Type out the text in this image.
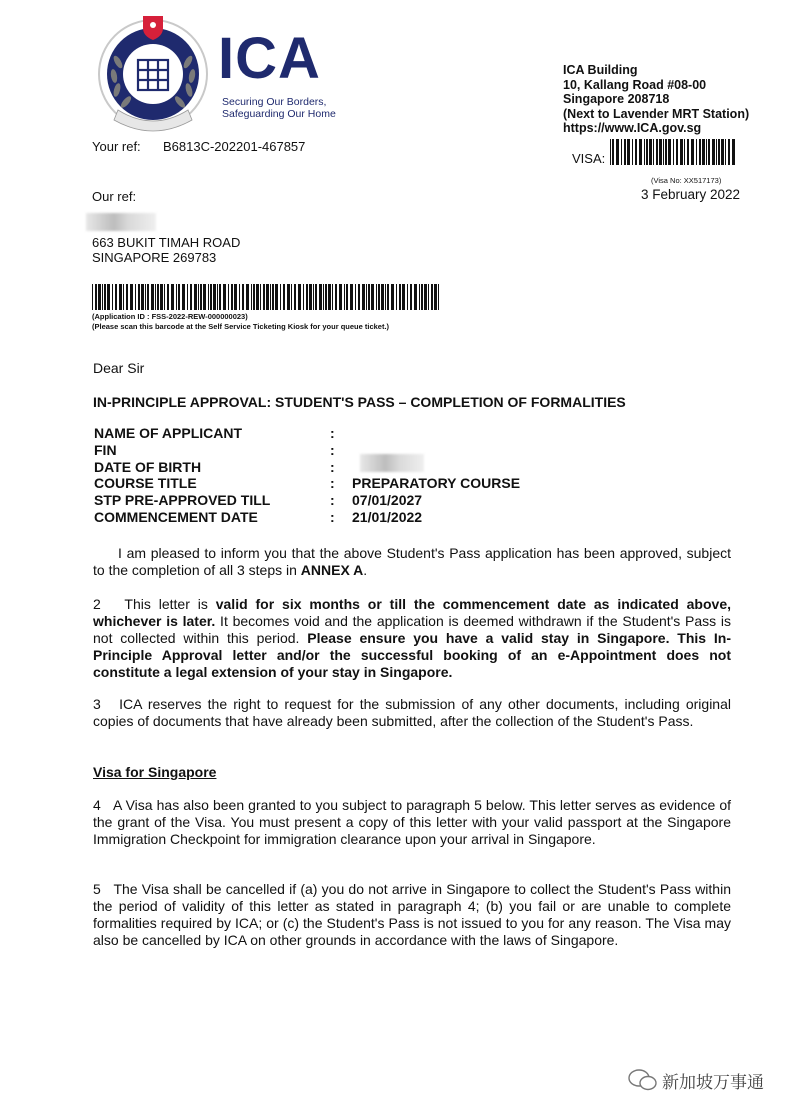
ICA
Securing Our Borders,
Safeguarding Our Home
ICA Building
10, Kallang Road #08-00
Singapore 208718
(Next to Lavender MRT Station)
https://www.ICA.gov.sg
Your ref: B6813C-202201-467857
VISA:
(Visa No: XX517173)
3 February 2022
Our ref:
663 BUKIT TIMAH ROAD
SINGAPORE 269783
(Application ID : FSS-2022-REW-000000023)
(Please scan this barcode at the Self Service Ticketing Kiosk for your queue ticket.)
Dear Sir
IN-PRINCIPLE APPROVAL: STUDENT'S PASS – COMPLETION OF FORMALITIES
NAME OF APPLICANT	:	
FIN	:	
DATE OF BIRTH	:	
COURSE TITLE	:	PREPARATORY COURSE
STP PRE-APPROVED TILL	:	07/01/2027
COMMENCEMENT DATE	:	21/01/2022
I am pleased to inform you that the above Student's Pass application has been approved, subject to the completion of all 3 steps in ANNEX A.
2 This letter is valid for six months or till the commencement date as indicated above, whichever is later. It becomes void and the application is deemed withdrawn if the Student's Pass is not collected within this period. Please ensure you have a valid stay in Singapore. This In-Principle Approval letter and/or the successful booking of an e-Appointment does not constitute a legal extension of your stay in Singapore.
3 ICA reserves the right to request for the submission of any other documents, including original copies of documents that have already been submitted, after the collection of the Student's Pass.
Visa for Singapore
4 A Visa has also been granted to you subject to paragraph 5 below. This letter serves as evidence of the grant of the Visa. You must present a copy of this letter with your valid passport at the Singapore Immigration Checkpoint for immigration clearance upon your arrival in Singapore.
5 The Visa shall be cancelled if (a) you do not arrive in Singapore to collect the Student's Pass within the period of validity of this letter as stated in paragraph 4; (b) you fail or are unable to complete formalities required by ICA; or (c) the Student's Pass is not issued to you for any reason. The Visa may also be cancelled by ICA on other grounds in accordance with the laws of Singapore.
新加坡万事通
